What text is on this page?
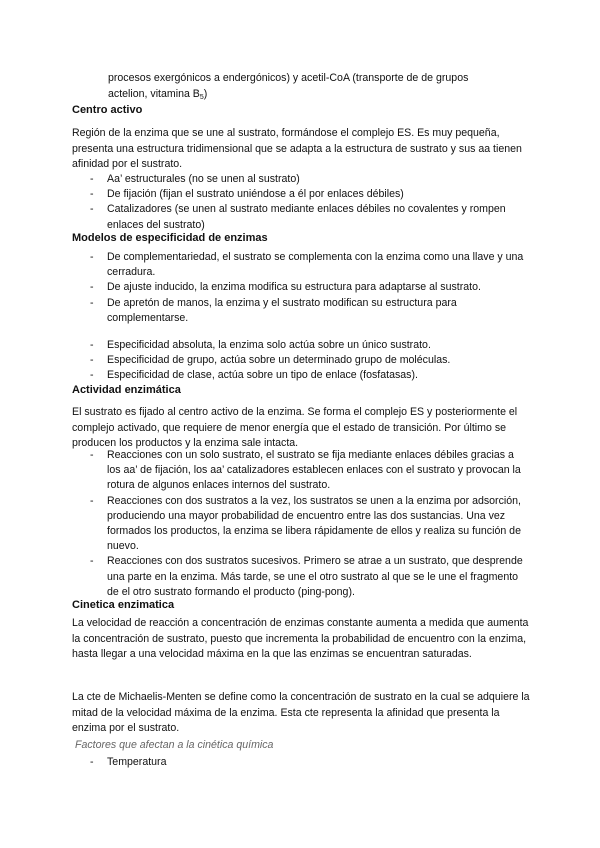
procesos exergónicos a endergónicos) y acetil-CoA (transporte de de grupos
actelion, vitamina $B_5$)
Centro activo
Región de la enzima que se une al sustrato, formándose el complejo ES. Es muy pequeña, presenta una estructura tridimensional que se adapta a la estructura de sustrato y sus aa tienen afinidad por el sustrato.
- Aa’ estructurales (no se unen al sustrato)
- De fijación (fijan el sustrato uniéndose a él por enlaces débiles)
- Catalizadores (se unen al sustrato mediante enlaces débiles no covalentes y rompen enlaces del sustrato)
Modelos de especificidad de enzimas
- De complementariedad, el sustrato se complementa con la enzima como una llave y una cerradura.
- De ajuste inducido, la enzima modifica su estructura para adaptarse al sustrato.
- De apretón de manos, la enzima y el sustrato modifican su estructura para complementarse.
- Especificidad absoluta, la enzima solo actúa sobre un único sustrato.
- Especificidad de grupo, actúa sobre un determinado grupo de moléculas.
- Especificidad de clase, actúa sobre un tipo de enlace (fosfatasas).
Actividad enzimática
El sustrato es fijado al centro activo de la enzima. Se forma el complejo ES y posteriormente el complejo activado, que requiere de menor energía que el estado de transición. Por último se producen los productos y la enzima sale intacta.
- Reacciones con un solo sustrato, el sustrato se fija mediante enlaces débiles gracias a los aa’ de fijación, los aa’ catalizadores establecen enlaces con el sustrato y provocan la rotura de algunos enlaces internos del sustrato.
- Reacciones con dos sustratos a la vez, los sustratos se unen a la enzima por adsorción, produciendo una mayor probabilidad de encuentro entre las dos sustancias. Una vez formados los productos, la enzima se libera rápidamente de ellos y realiza su función de nuevo.
- Reacciones con dos sustratos sucesivos. Primero se atrae a un sustrato, que desprende una parte en la enzima. Más tarde, se une el otro sustrato al que se le une el fragmento de el otro sustrato formando el producto (ping-pong).
Cinetica enzimatica
La velocidad de reacción a concentración de enzimas constante aumenta a medida que aumenta la concentración de sustrato, puesto que incrementa la probabilidad de encuentro con la enzima, hasta llegar a una velocidad máxima en la que las enzimas se encuentran saturadas.
La cte de Michaelis-Menten se define como la concentración de sustrato en la cual se adquiere la mitad de la velocidad máxima de la enzima. Esta cte representa la afinidad que presenta la enzima por el sustrato.
Factores que afectan a la cinética química
- Temperatura
